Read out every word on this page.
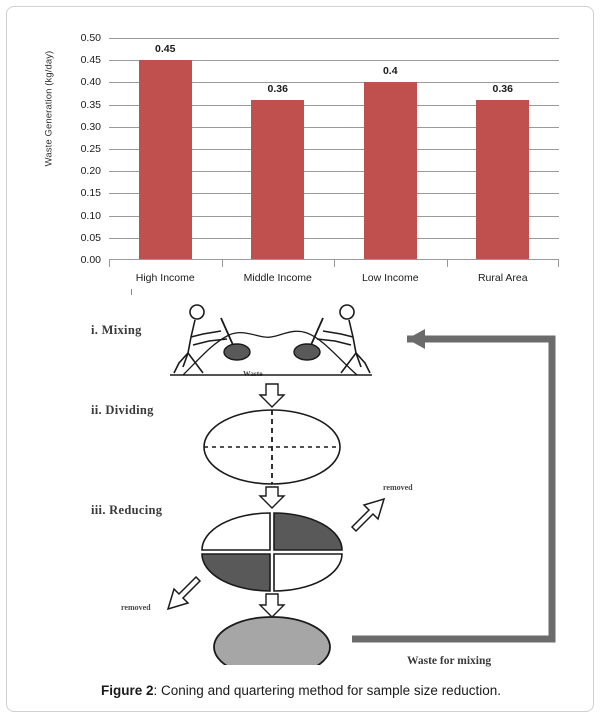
Waste Generation (kg/day)
0.50
0.45
0.40
0.35
0.30
0.25
0.20
0.15
0.10
0.05
0.00
0.45
0.36
0.4
0.36
High Income	Middle Income	Low Income	Rural Area
i. Mixing
ii. Dividing
iii. Reducing
Waste
removed
removed
Waste for mixing
Figure 2: Coning and quartering method for sample size reduction.
